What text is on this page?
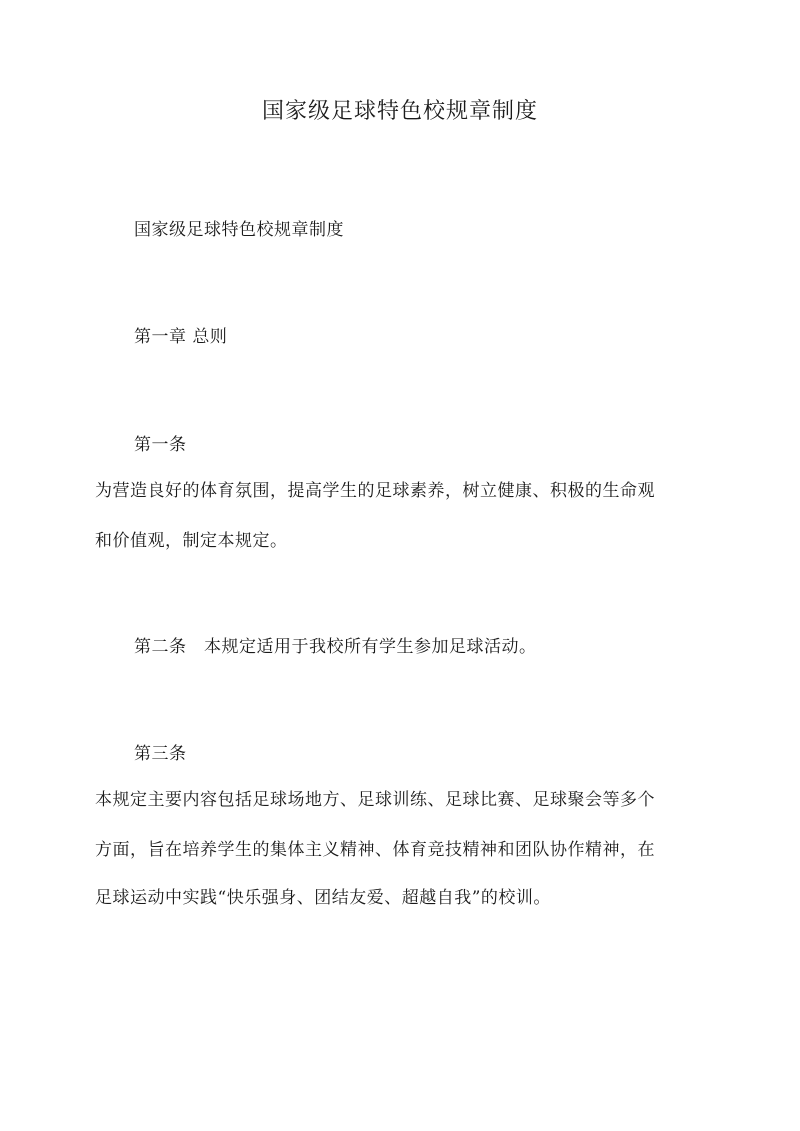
国家级足球特色校规章制度

国家级足球特色校规章制度

第一章 总则

第一条

为营造良好的体育氛围，提高学生的足球素养，树立健康、积极的生命观

和价值观，制定本规定。

第二条　本规定适用于我校所有学生参加足球活动。

第三条

本规定主要内容包括足球场地方、足球训练、足球比赛、足球聚会等多个

方面，旨在培养学生的集体主义精神、体育竞技精神和团队协作精神，在

足球运动中实践“快乐强身、团结友爱、超越自我”的校训。
